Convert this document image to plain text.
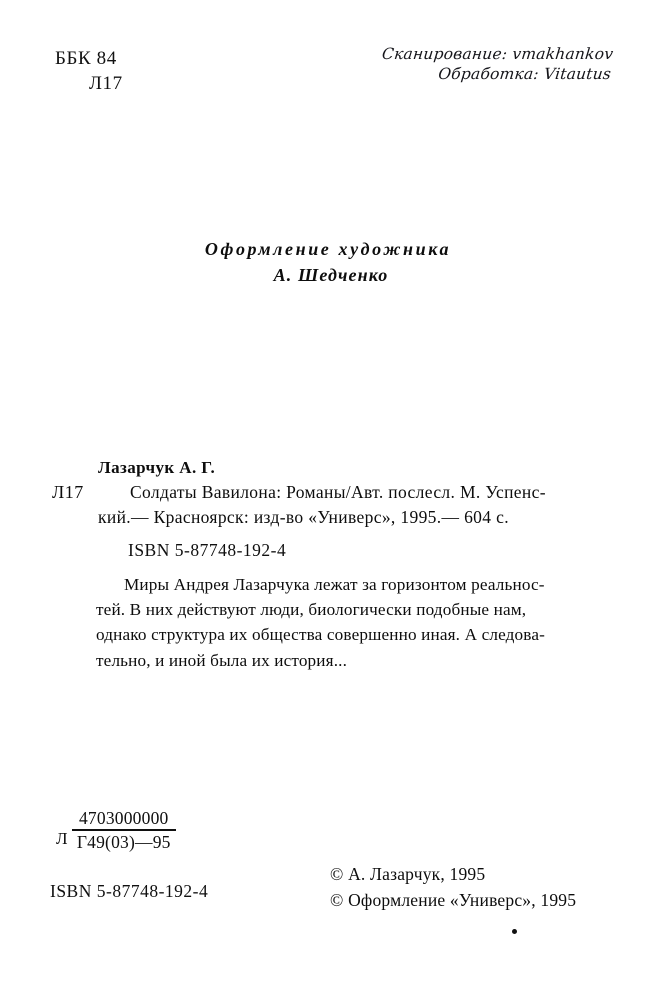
ББК 84
Л17
Сканирование: vmakhankov
Обработка: Vitautus
Оформление художника
А. Шедченко
Лазарчук А. Г.
Л17	Солдаты Вавилона: Романы/Авт. послесл. М. Успенс-
кий.— Красноярск: изд-во «Универс», 1995.— 604 с.
ISBN 5-87748-192-4
Миры Андрея Лазарчука лежат за горизонтом реальнос-
тей. В них действуют люди, биологически подобные нам,
однако структура их общества совершенно иная. А следова-
тельно, и иной была их история...
Л $\frac{4703000000}{Г49(03)—95}$
ISBN 5-87748-192-4
© А. Лазарчук, 1995
© Оформление «Универс», 1995
